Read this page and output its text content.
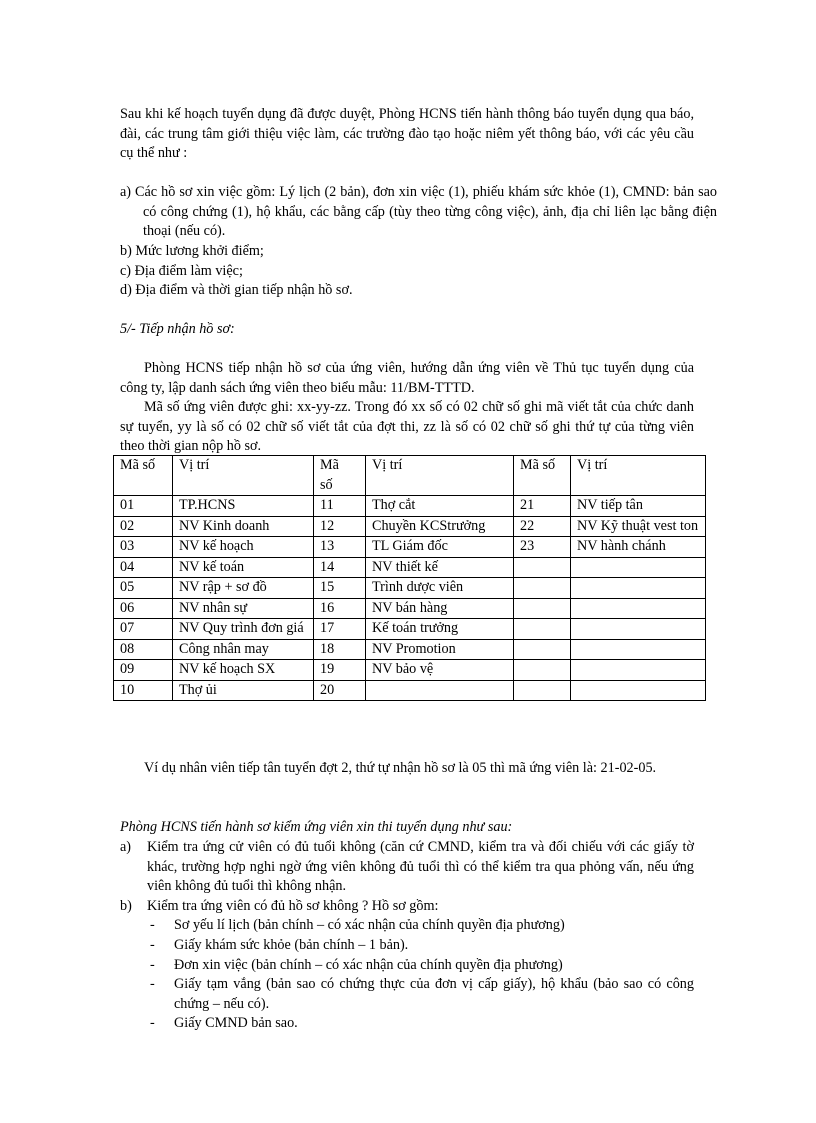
Sau khi kế hoạch tuyển dụng đã được duyệt, Phòng HCNS tiến hành thông báo tuyển dụng qua báo, đài, các trung tâm giới thiệu việc làm, các trường đào tạo hoặc niêm yết thông báo, với các yêu cầu cụ thể như :

a) Các hồ sơ xin việc gồm: Lý lịch (2 bản), đơn xin việc (1), phiếu khám sức khỏe (1), CMND: bản sao có công chứng (1), hộ khẩu, các bằng cấp (tùy theo từng công việc), ảnh, địa chỉ liên lạc bằng điện thoại (nếu có).

b) Mức lương khởi điểm;

c) Địa điểm làm việc;

d) Địa điểm và thời gian tiếp nhận hồ sơ.

5/- Tiếp nhận hồ sơ:

Phòng HCNS tiếp nhận hồ sơ của ứng viên, hướng dẫn ứng viên về Thủ tục tuyển dụng của công ty, lập danh sách ứng viên theo biểu mẫu: 11/BM-TTTD.

Mã số ứng viên được ghi: xx-yy-zz. Trong đó xx số có 02 chữ số ghi mã viết tắt của chức danh sự tuyển, yy là số có 02 chữ số viết tắt của đợt thi, zz là số có 02 chữ số ghi thứ tự của từng viên theo thời gian nộp hồ sơ.

Mã số	Vị trí	Mã số	Vị trí	Mã số	Vị trí
01	TP.HCNS	11	Thợ cắt	21	NV tiếp tân
02	NV Kinh doanh	12	Chuyền KCStrưởng	22	NV Kỹ thuật vest ton
03	NV kế hoạch	13	TL Giám đốc	23	NV hành chánh
04	NV kế toán	14	NV thiết kế		
05	NV rập + sơ đồ	15	Trình dược viên		
06	NV nhân sự	16	NV bán hàng		
07	NV Quy trình đơn giá	17	Kế toán trưởng		
08	Công nhân may	18	NV Promotion		
09	NV kế hoạch SX	19	NV bảo vệ		
10	Thợ ủi	20			

Ví dụ nhân viên tiếp tân tuyển đợt 2, thứ tự nhận hồ sơ là 05 thì mã ứng viên là: 21-02-05.

Phòng HCNS tiến hành sơ kiểm ứng viên xin thi tuyển dụng như sau:

a) Kiểm tra ứng cử viên có đủ tuổi không (căn cứ CMND, kiểm tra và đối chiếu với các giấy tờ khác, trường hợp nghi ngờ ứng viên không đủ tuổi thì có thể kiểm tra qua phỏng vấn, nếu ứng viên không đủ tuổi thì không nhận.
b) Kiểm tra ứng viên có đủ hồ sơ không ? Hồ sơ gồm:
- Sơ yếu lí lịch (bản chính – có xác nhận của chính quyền địa phương)
- Giấy khám sức khỏe (bản chính – 1 bản).
- Đơn xin việc (bản chính – có xác nhận của chính quyền địa phương)
- Giấy tạm vắng (bản sao có chứng thực của đơn vị cấp giấy), hộ khẩu (bảo sao có công chứng – nếu có).
- Giấy CMND bản sao.
